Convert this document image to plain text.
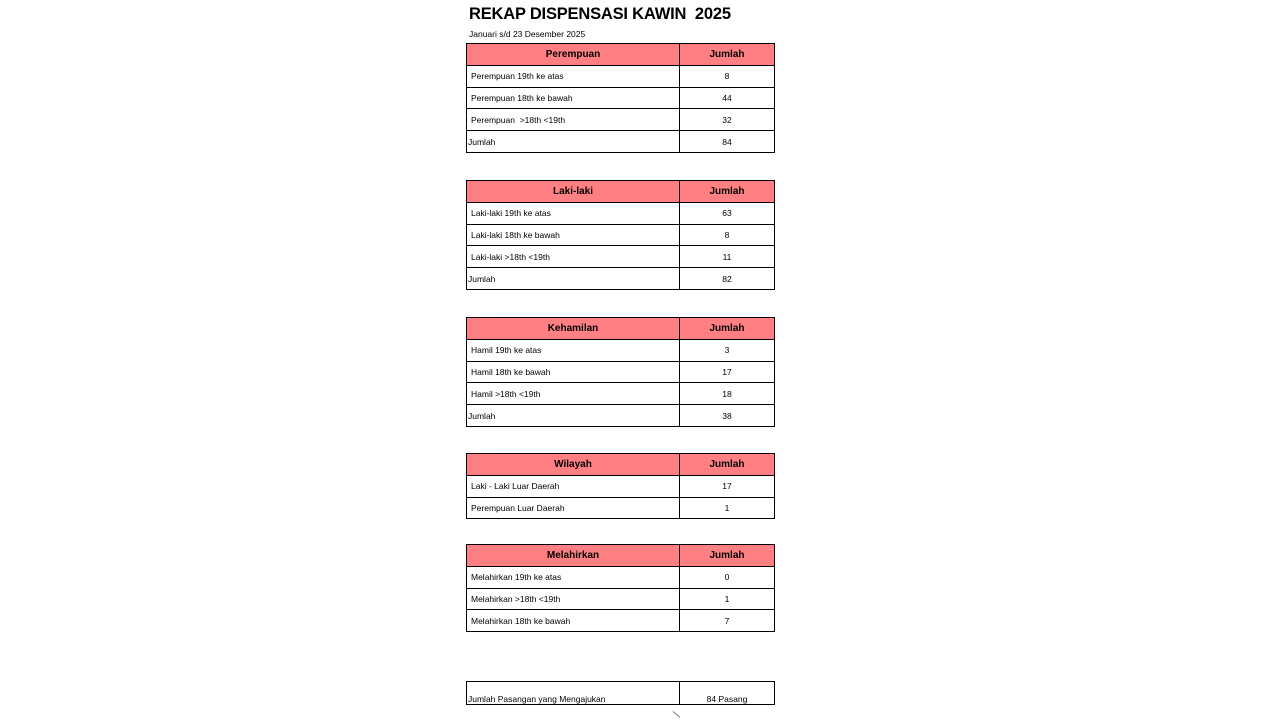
REKAP DISPENSASI KAWIN  2025
Januari s/d 23 Desember 2025
Perempuan	Jumlah
Perempuan 19th ke atas	8
Perempuan 18th ke bawah	44
Perempuan  >18th <19th	32
Jumlah	84
Laki-laki	Jumlah
Laki-laki 19th ke atas	63
Laki-laki 18th ke bawah	8
Laki-laki >18th <19th	11
Jumlah	82
Kehamilan	Jumlah
Hamil 19th ke atas	3
Hamil 18th ke bawah	17
Hamil >18th <19th	18
Jumlah	38
Wilayah	Jumlah
Laki - Laki Luar Daerah	17
Perempuan Luar Daerah	1
Melahirkan	Jumlah
Melahirkan 19th ke atas	0
Melahirkan >18th <19th	1
Melahirkan 18th ke bawah	7
Jumlah Pasangan yang Mengajukan	84 Pasang
